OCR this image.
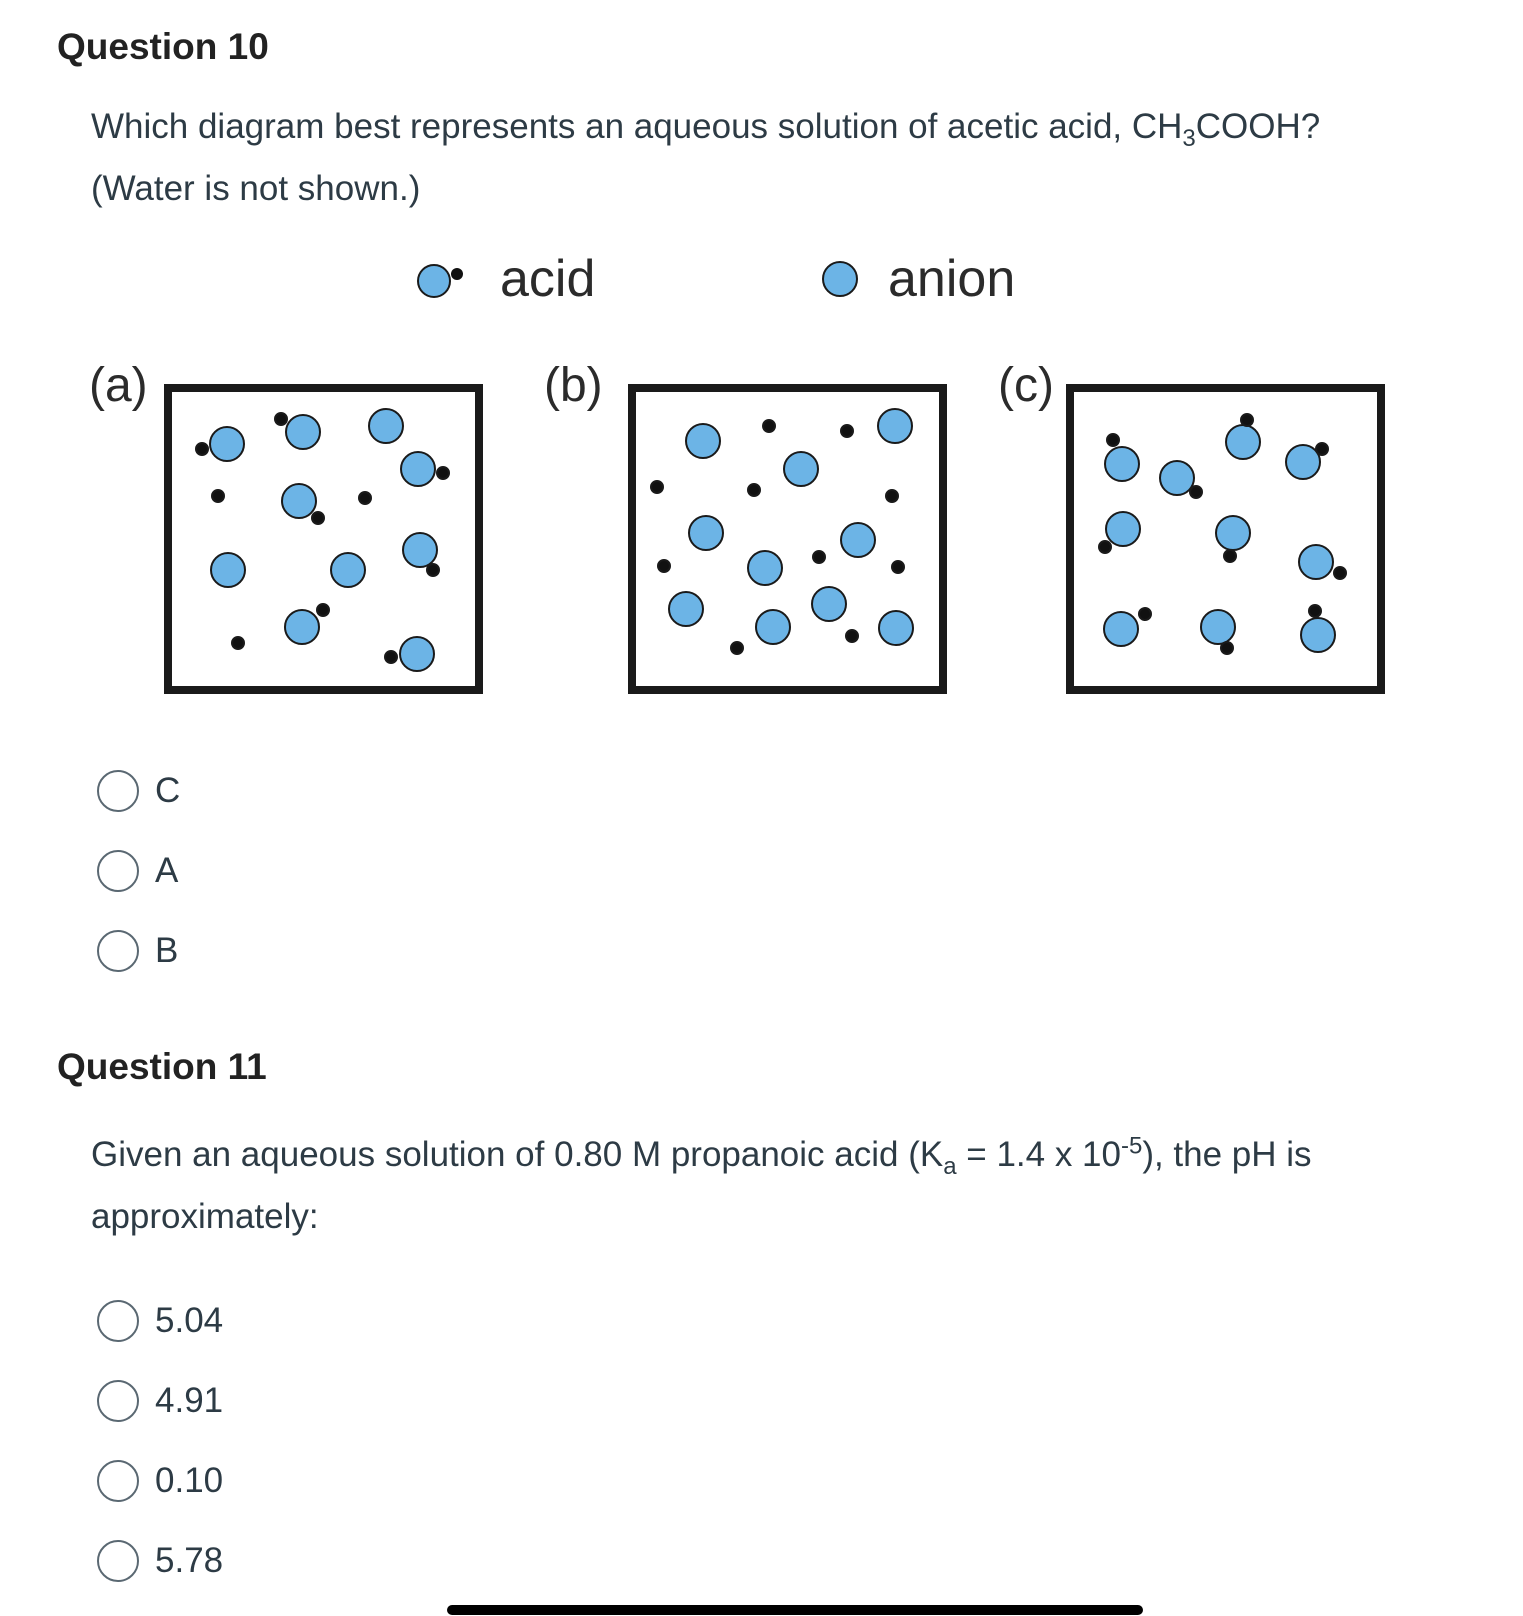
Question 10

Which diagram best represents an aqueous solution of acetic acid, $CH_3COOH$?
(Water is not shown.)

acid	anion
(a)	(b)	(c)
C
A
B
Question 11

Given an aqueous solution of 0.80 M propanoic acid ($K_a = 1.4$ x $10^{-5}$), the pH is
approximately:

5.04
4.91
0.10
5.78
